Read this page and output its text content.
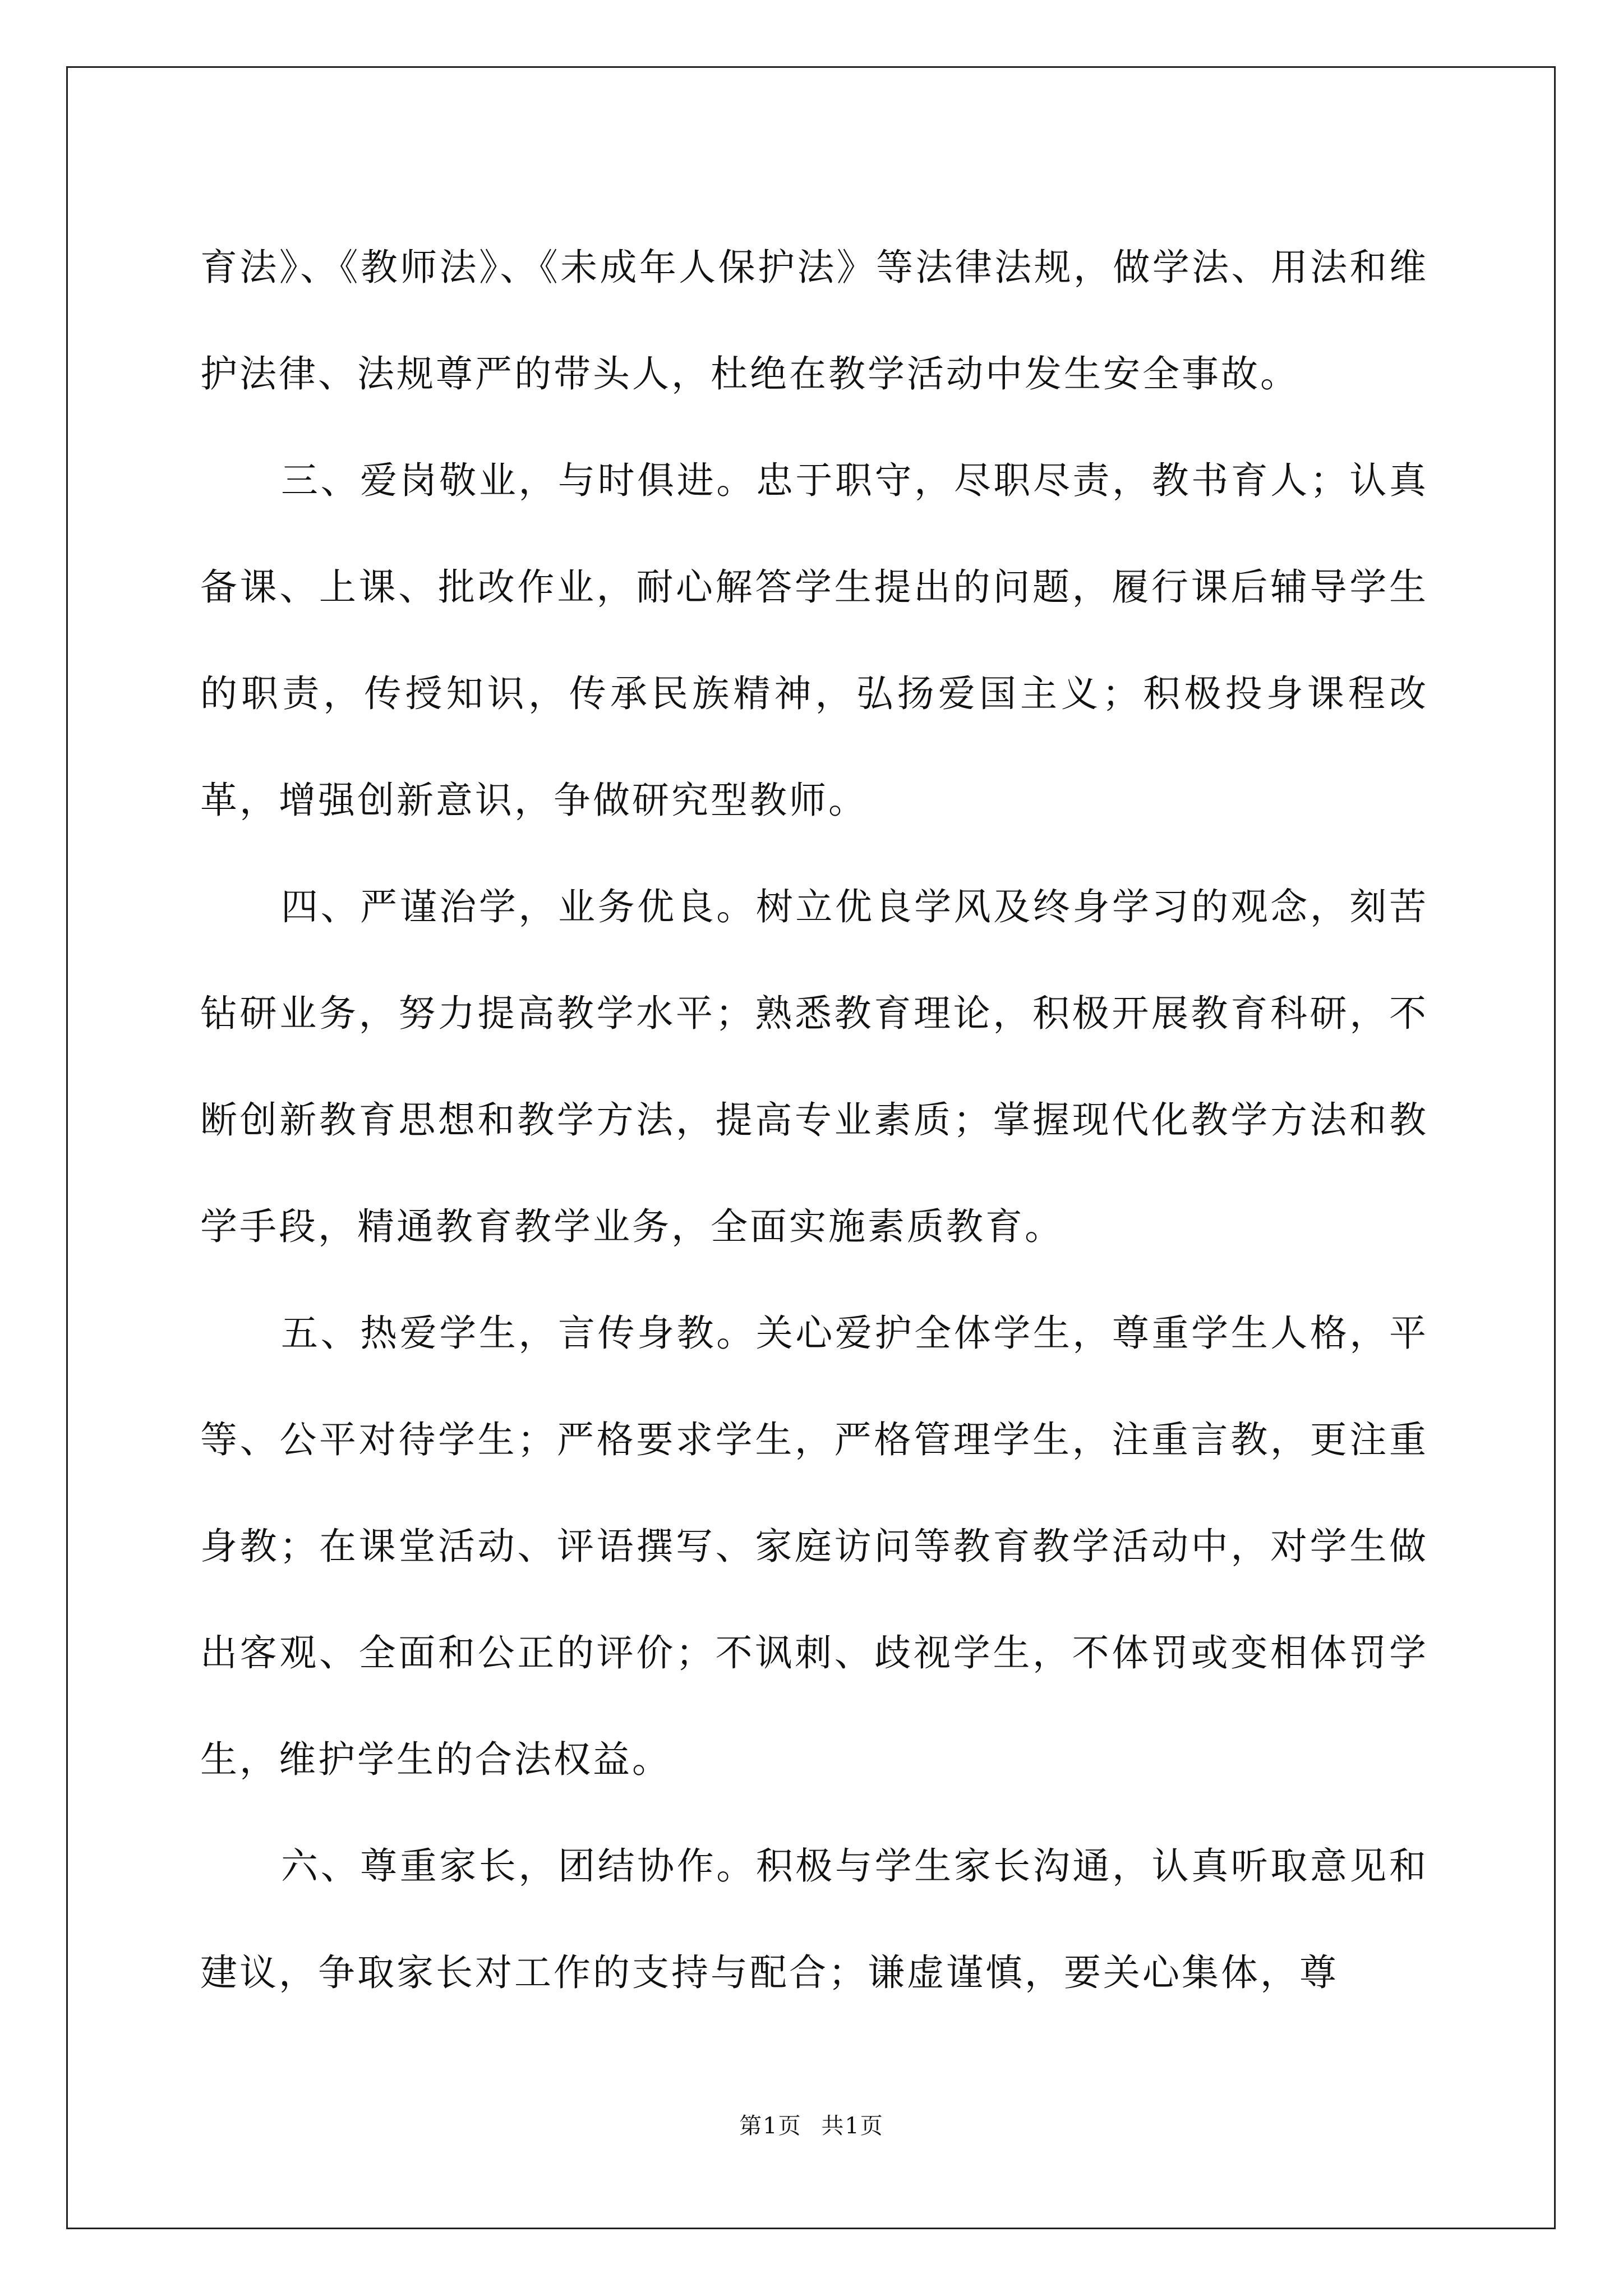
育法》、《教师法》、《未成年人保护法》等法律法规，做学法、用法和维护法律、法规尊严的带头人，杜绝在教学活动中发生安全事故。

三、爱岗敬业，与时俱进。忠于职守，尽职尽责，教书育人；认真备课、上课、批改作业，耐心解答学生提出的问题，履行课后辅导学生的职责，传授知识，传承民族精神，弘扬爱国主义；积极投身课程改革，增强创新意识，争做研究型教师。

四、严谨治学，业务优良。树立优良学风及终身学习的观念，刻苦钻研业务，努力提高教学水平；熟悉教育理论，积极开展教育科研，不断创新教育思想和教学方法，提高专业素质；掌握现代化教学方法和教学手段，精通教育教学业务，全面实施素质教育。

五、热爱学生，言传身教。关心爱护全体学生，尊重学生人格，平等、公平对待学生；严格要求学生，严格管理学生，注重言教，更注重身教；在课堂活动、评语撰写、家庭访问等教育教学活动中，对学生做出客观、全面和公正的评价；不讽刺、歧视学生，不体罚或变相体罚学生，维护学生的合法权益。

六、尊重家长，团结协作。积极与学生家长沟通，认真听取意见和建议，争取家长对工作的支持与配合；谦虚谨慎，要关心集体，尊

第1页 共1页
